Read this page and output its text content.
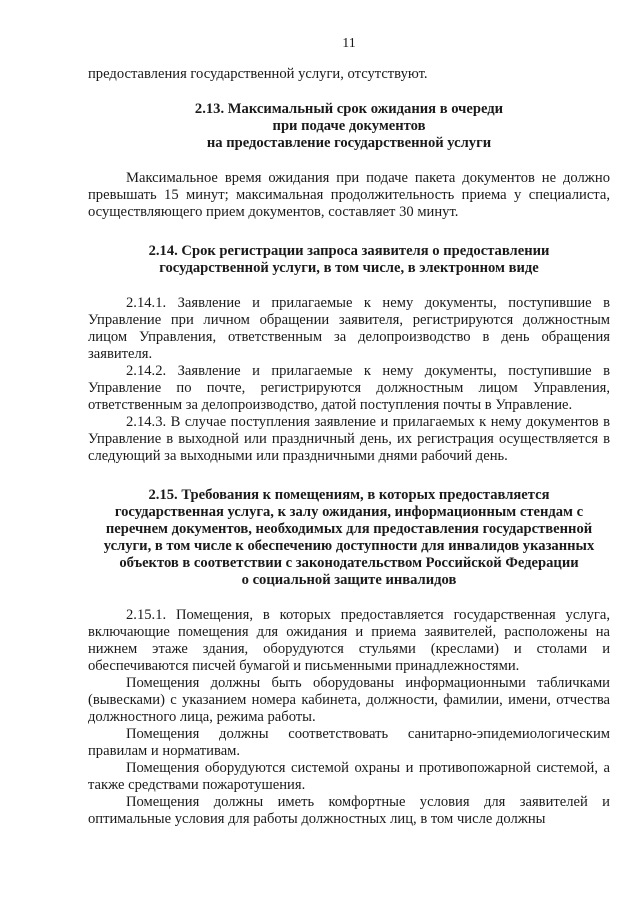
11

предоставления государственной услуги, отсутствуют.

2.13. Максимальный срок ожидания в очереди
при подаче документов
на предоставление государственной услуги

Максимальное время ожидания при подаче пакета документов не должно превышать 15 минут; максимальная продолжительность приема у специалиста, осуществляющего прием документов, составляет 30 минут.

2.14. Срок регистрации запроса заявителя о предоставлении
государственной услуги, в том числе, в электронном виде

2.14.1. Заявление и прилагаемые к нему документы, поступившие в Управление при личном обращении заявителя, регистрируются должностным лицом Управления, ответственным за делопроизводство в день обращения заявителя.

2.14.2. Заявление и прилагаемые к нему документы, поступившие в Управление по почте, регистрируются должностным лицом Управления, ответственным за делопроизводство, датой поступления почты в Управление.

2.14.3. В случае поступления заявление и прилагаемых к нему документов в Управление в выходной или праздничный день, их регистрация осуществляется в следующий за выходными или праздничными днями рабочий день.

2.15. Требования к помещениям, в которых предоставляется
государственная услуга, к залу ожидания, информационным стендам с
перечнем документов, необходимых для предоставления государственной
услуги, в том числе к обеспечению доступности для инвалидов указанных
объектов в соответствии с законодательством Российской Федерации
о социальной защите инвалидов

2.15.1. Помещения, в которых предоставляется государственная услуга, включающие помещения для ожидания и приема заявителей, расположены на нижнем этаже здания, оборудуются стульями (креслами) и столами и обеспечиваются писчей бумагой и письменными принадлежностями.

Помещения должны быть оборудованы информационными табличками (вывесками) с указанием номера кабинета, должности, фамилии, имени, отчества должностного лица, режима работы.

Помещения должны соответствовать санитарно-эпидемиологическим правилам и нормативам.

Помещения оборудуются системой охраны и противопожарной системой, а также средствами пожаротушения.

Помещения должны иметь комфортные условия для заявителей и оптимальные условия для работы должностных лиц, в том числе должны
